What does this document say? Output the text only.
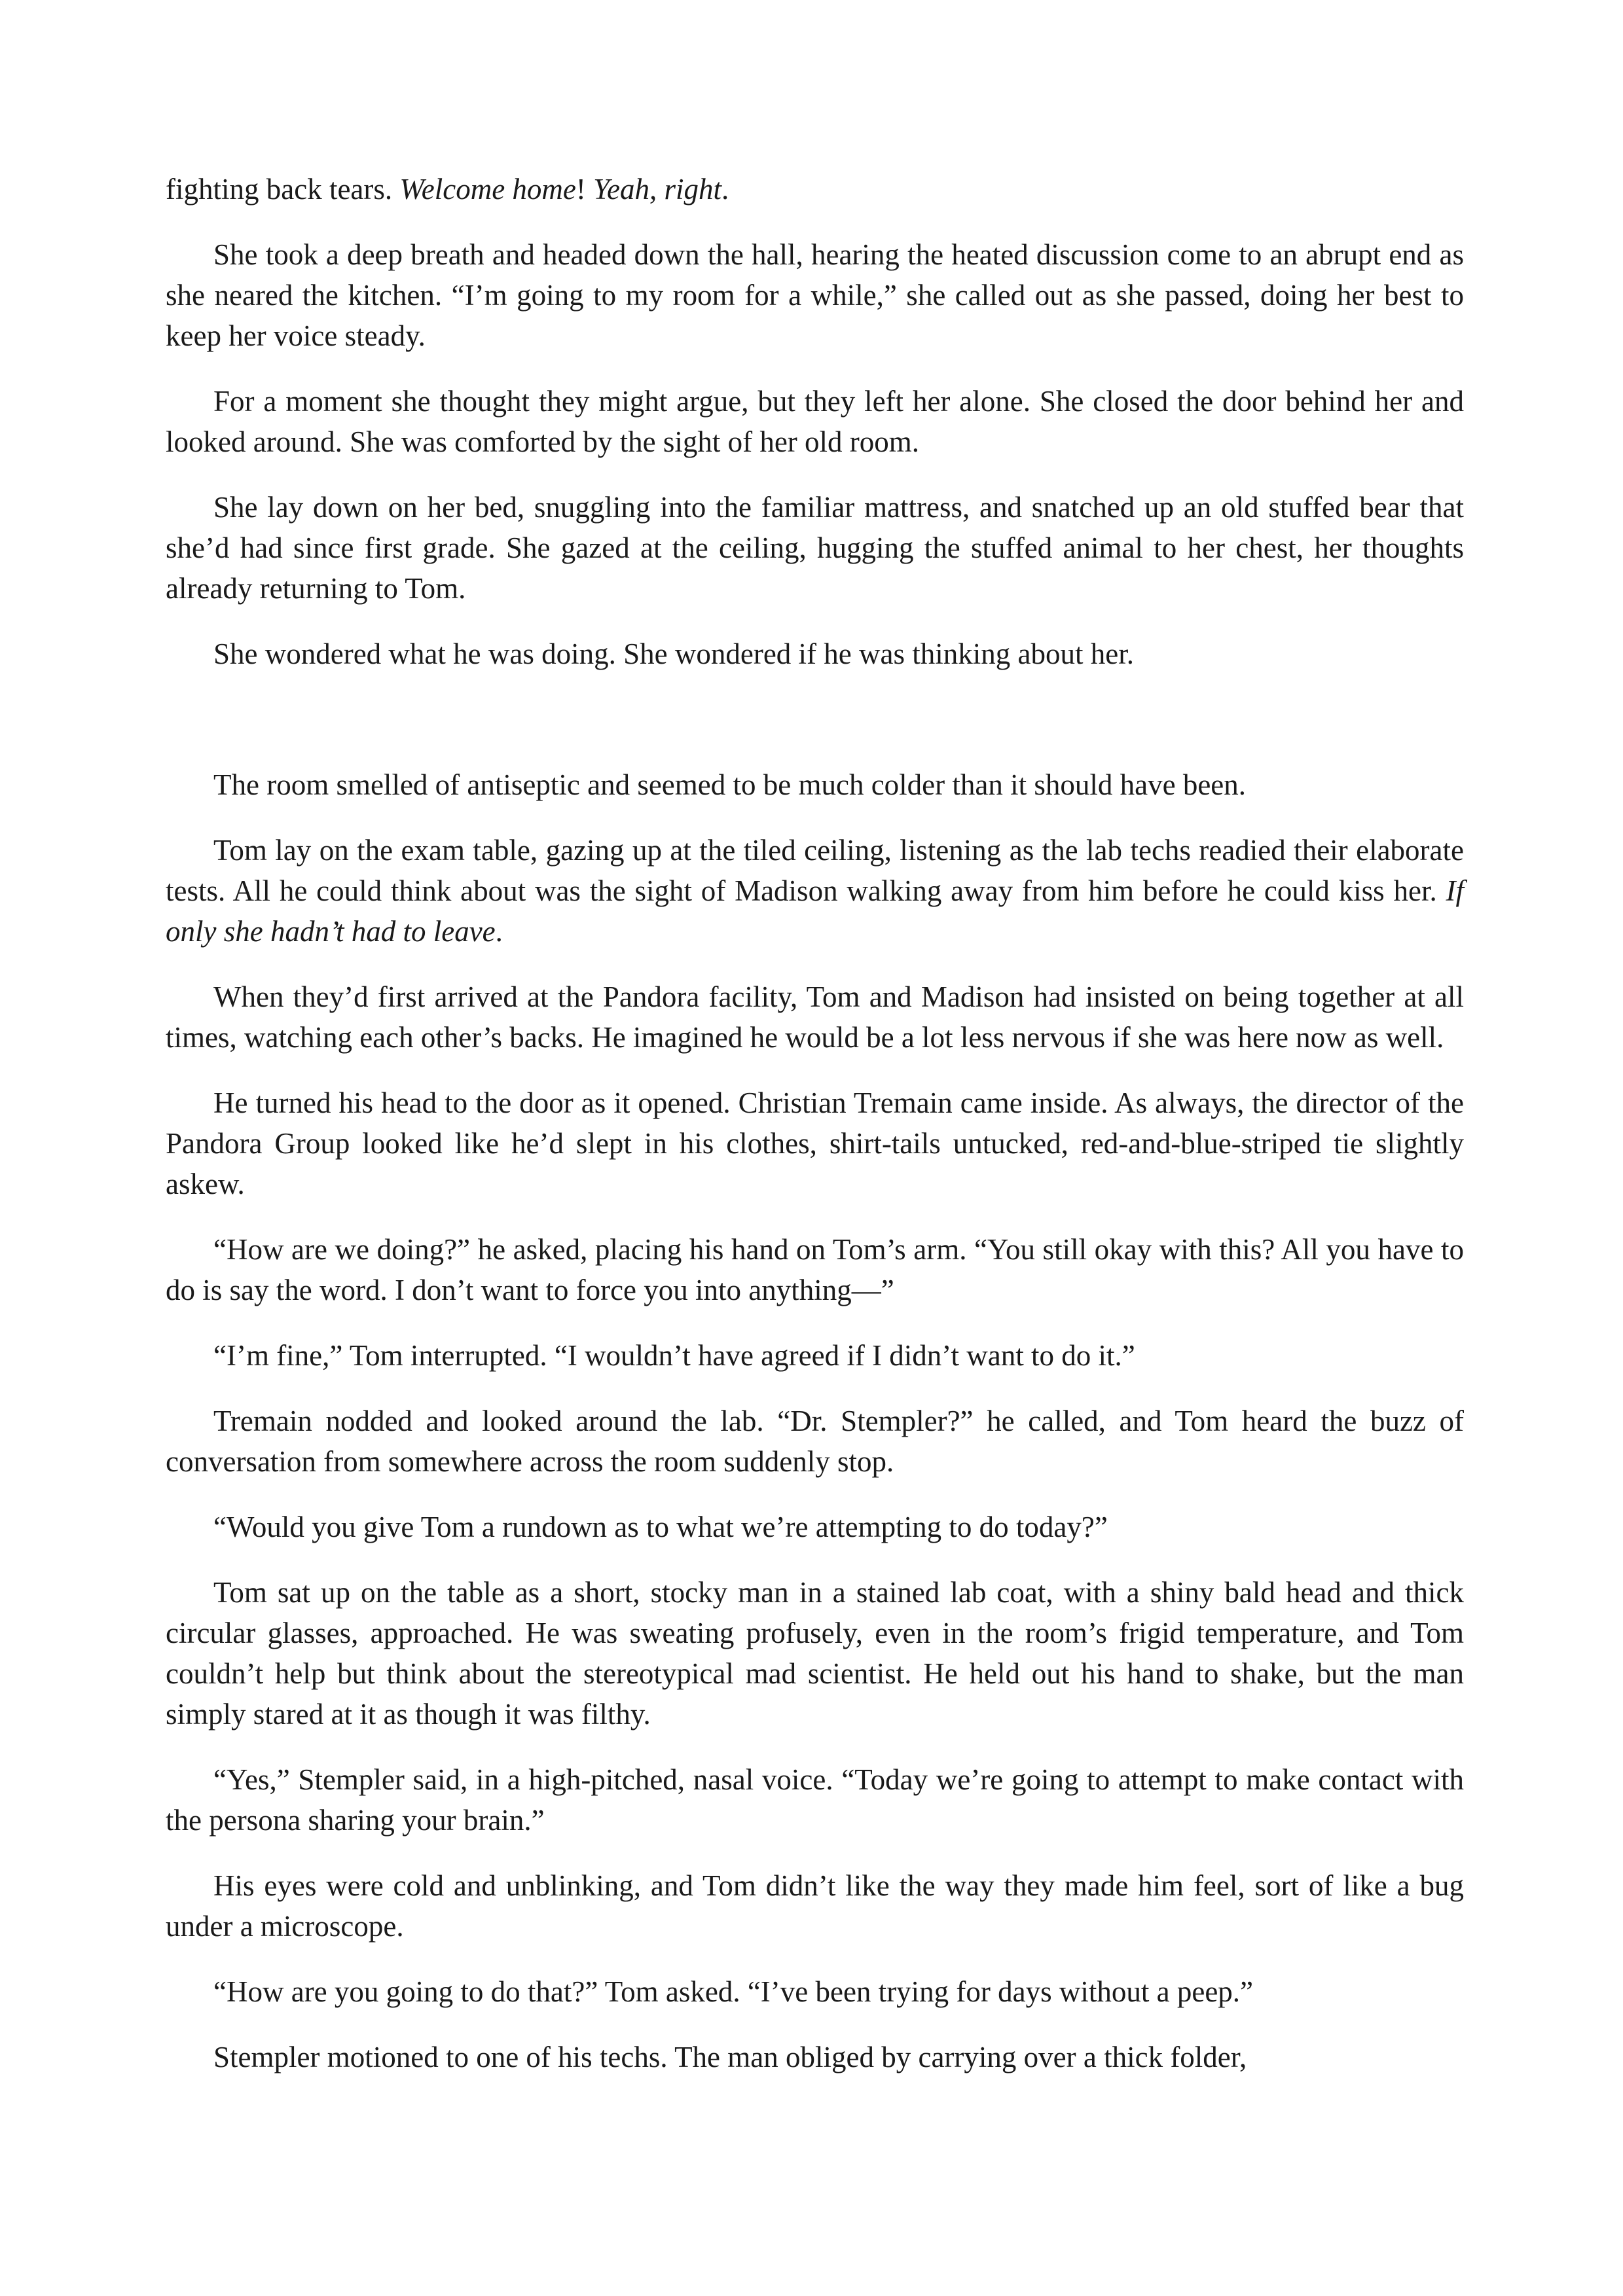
fighting back tears. Welcome home! Yeah, right.

She took a deep breath and headed down the hall, hearing the heated discussion come to an abrupt end as she neared the kitchen. “I’m going to my room for a while,” she called out as she passed, doing her best to keep her voice steady.

For a moment she thought they might argue, but they left her alone. She closed the door behind her and looked around. She was comforted by the sight of her old room.

She lay down on her bed, snuggling into the familiar mattress, and snatched up an old stuffed bear that she’d had since first grade. She gazed at the ceiling, hugging the stuffed animal to her chest, her thoughts already returning to Tom.

She wondered what he was doing. She wondered if he was thinking about her.

The room smelled of antiseptic and seemed to be much colder than it should have been.

Tom lay on the exam table, gazing up at the tiled ceiling, listening as the lab techs readied their elaborate tests. All he could think about was the sight of Madison walking away from him before he could kiss her. If only she hadn’t had to leave.

When they’d first arrived at the Pandora facility, Tom and Madison had insisted on being together at all times, watching each other’s backs. He imagined he would be a lot less nervous if she was here now as well.

He turned his head to the door as it opened. Christian Tremain came inside. As always, the director of the Pandora Group looked like he’d slept in his clothes, shirt-tails untucked, red-and-blue-striped tie slightly askew.

“How are we doing?” he asked, placing his hand on Tom’s arm. “You still okay with this? All you have to do is say the word. I don’t want to force you into anything—”

“I’m fine,” Tom interrupted. “I wouldn’t have agreed if I didn’t want to do it.”

Tremain nodded and looked around the lab. “Dr. Stempler?” he called, and Tom heard the buzz of conversation from somewhere across the room suddenly stop.

“Would you give Tom a rundown as to what we’re attempting to do today?”

Tom sat up on the table as a short, stocky man in a stained lab coat, with a shiny bald head and thick circular glasses, approached. He was sweating profusely, even in the room’s frigid temperature, and Tom couldn’t help but think about the stereotypical mad scientist. He held out his hand to shake, but the man simply stared at it as though it was filthy.

“Yes,” Stempler said, in a high-pitched, nasal voice. “Today we’re going to attempt to make contact with the persona sharing your brain.”

His eyes were cold and unblinking, and Tom didn’t like the way they made him feel, sort of like a bug under a microscope.

“How are you going to do that?” Tom asked. “I’ve been trying for days without a peep.”

Stempler motioned to one of his techs. The man obliged by carrying over a thick folder,
